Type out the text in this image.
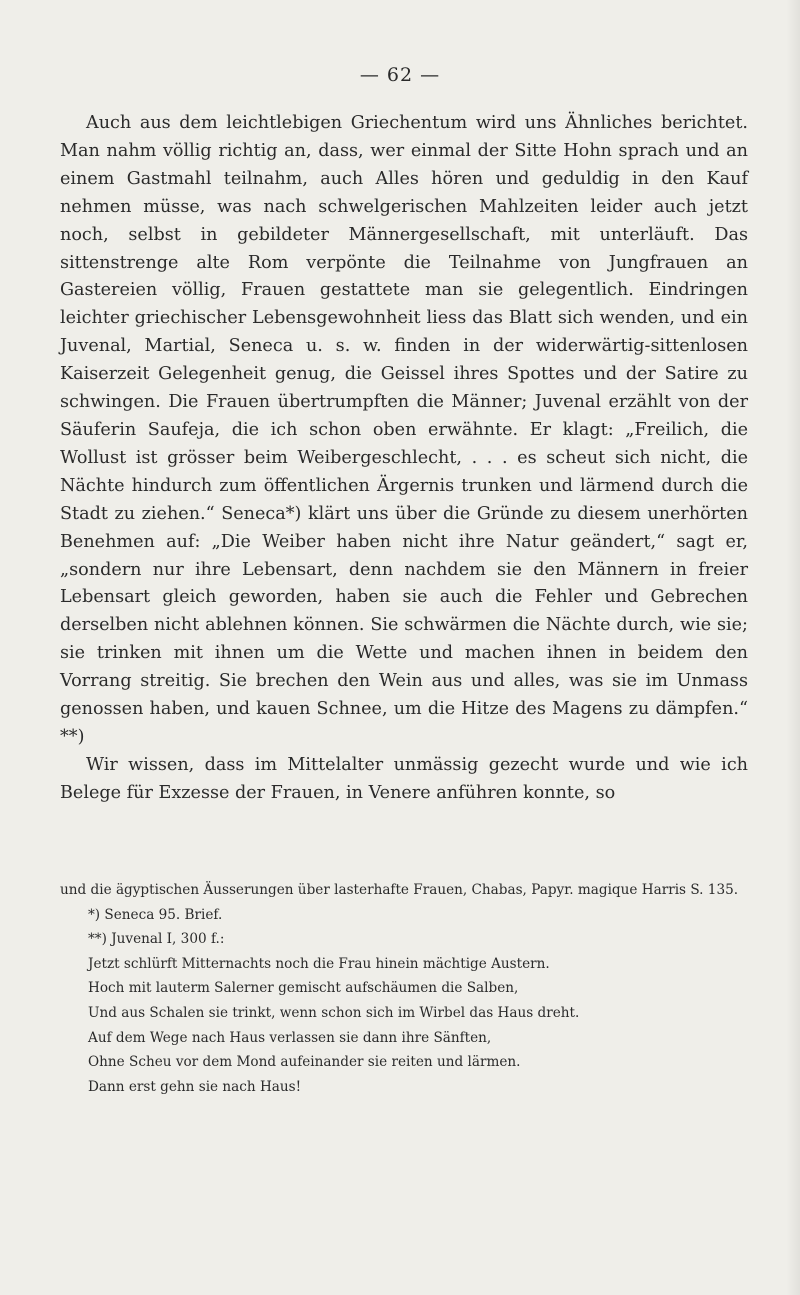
— 62 —

Auch aus dem leichtlebigen Griechentum wird uns Ähnliches berichtet. Man nahm völlig richtig an, dass, wer einmal der Sitte Hohn sprach und an einem Gastmahl teilnahm, auch Alles hören und geduldig in den Kauf nehmen müsse, was nach schwelgerischen Mahlzeiten leider auch jetzt noch, selbst in gebildeter Männergesellschaft, mit unterläuft. Das sittenstrenge alte Rom verpönte die Teilnahme von Jungfrauen an Gastereien völlig, Frauen gestattete man sie gelegentlich. Eindringen leichter griechischer Lebensgewohnheit liess das Blatt sich wenden, und ein Juvenal, Martial, Seneca u. s. w. finden in der widerwärtig-sittenlosen Kaiserzeit Gelegenheit genug, die Geissel ihres Spottes und der Satire zu schwingen. Die Frauen übertrumpften die Männer; Juvenal erzählt von der Säuferin Saufeja, die ich schon oben erwähnte. Er klagt: „Freilich, die Wollust ist grösser beim Weibergeschlecht, . . . es scheut sich nicht, die Nächte hindurch zum öffentlichen Ärgernis trunken und lärmend durch die Stadt zu ziehen.“ Seneca*) klärt uns über die Gründe zu diesem unerhörten Benehmen auf: „Die Weiber haben nicht ihre Natur geändert,“ sagt er, „sondern nur ihre Lebensart, denn nachdem sie den Männern in freier Lebensart gleich geworden, haben sie auch die Fehler und Gebrechen derselben nicht ablehnen können. Sie schwärmen die Nächte durch, wie sie; sie trinken mit ihnen um die Wette und machen ihnen in beidem den Vorrang streitig. Sie brechen den Wein aus und alles, was sie im Unmass genossen haben, und kauen Schnee, um die Hitze des Magens zu dämpfen.“ **)

Wir wissen, dass im Mittelalter unmässig gezecht wurde und wie ich Belege für Exzesse der Frauen, in Venere anführen konnte, so

und die ägyptischen Äusserungen über lasterhafte Frauen, Chabas, Papyr. magique Harris S. 135.

*) Seneca 95. Brief.

**) Juvenal I, 300 f.:

Jetzt schlürft Mitternachts noch die Frau hinein mächtige Austern.

Hoch mit lauterm Salerner gemischt aufschäumen die Salben,

Und aus Schalen sie trinkt, wenn schon sich im Wirbel das Haus dreht.

Auf dem Wege nach Haus verlassen sie dann ihre Sänften,

Ohne Scheu vor dem Mond aufeinander sie reiten und lärmen.

Dann erst gehn sie nach Haus!
